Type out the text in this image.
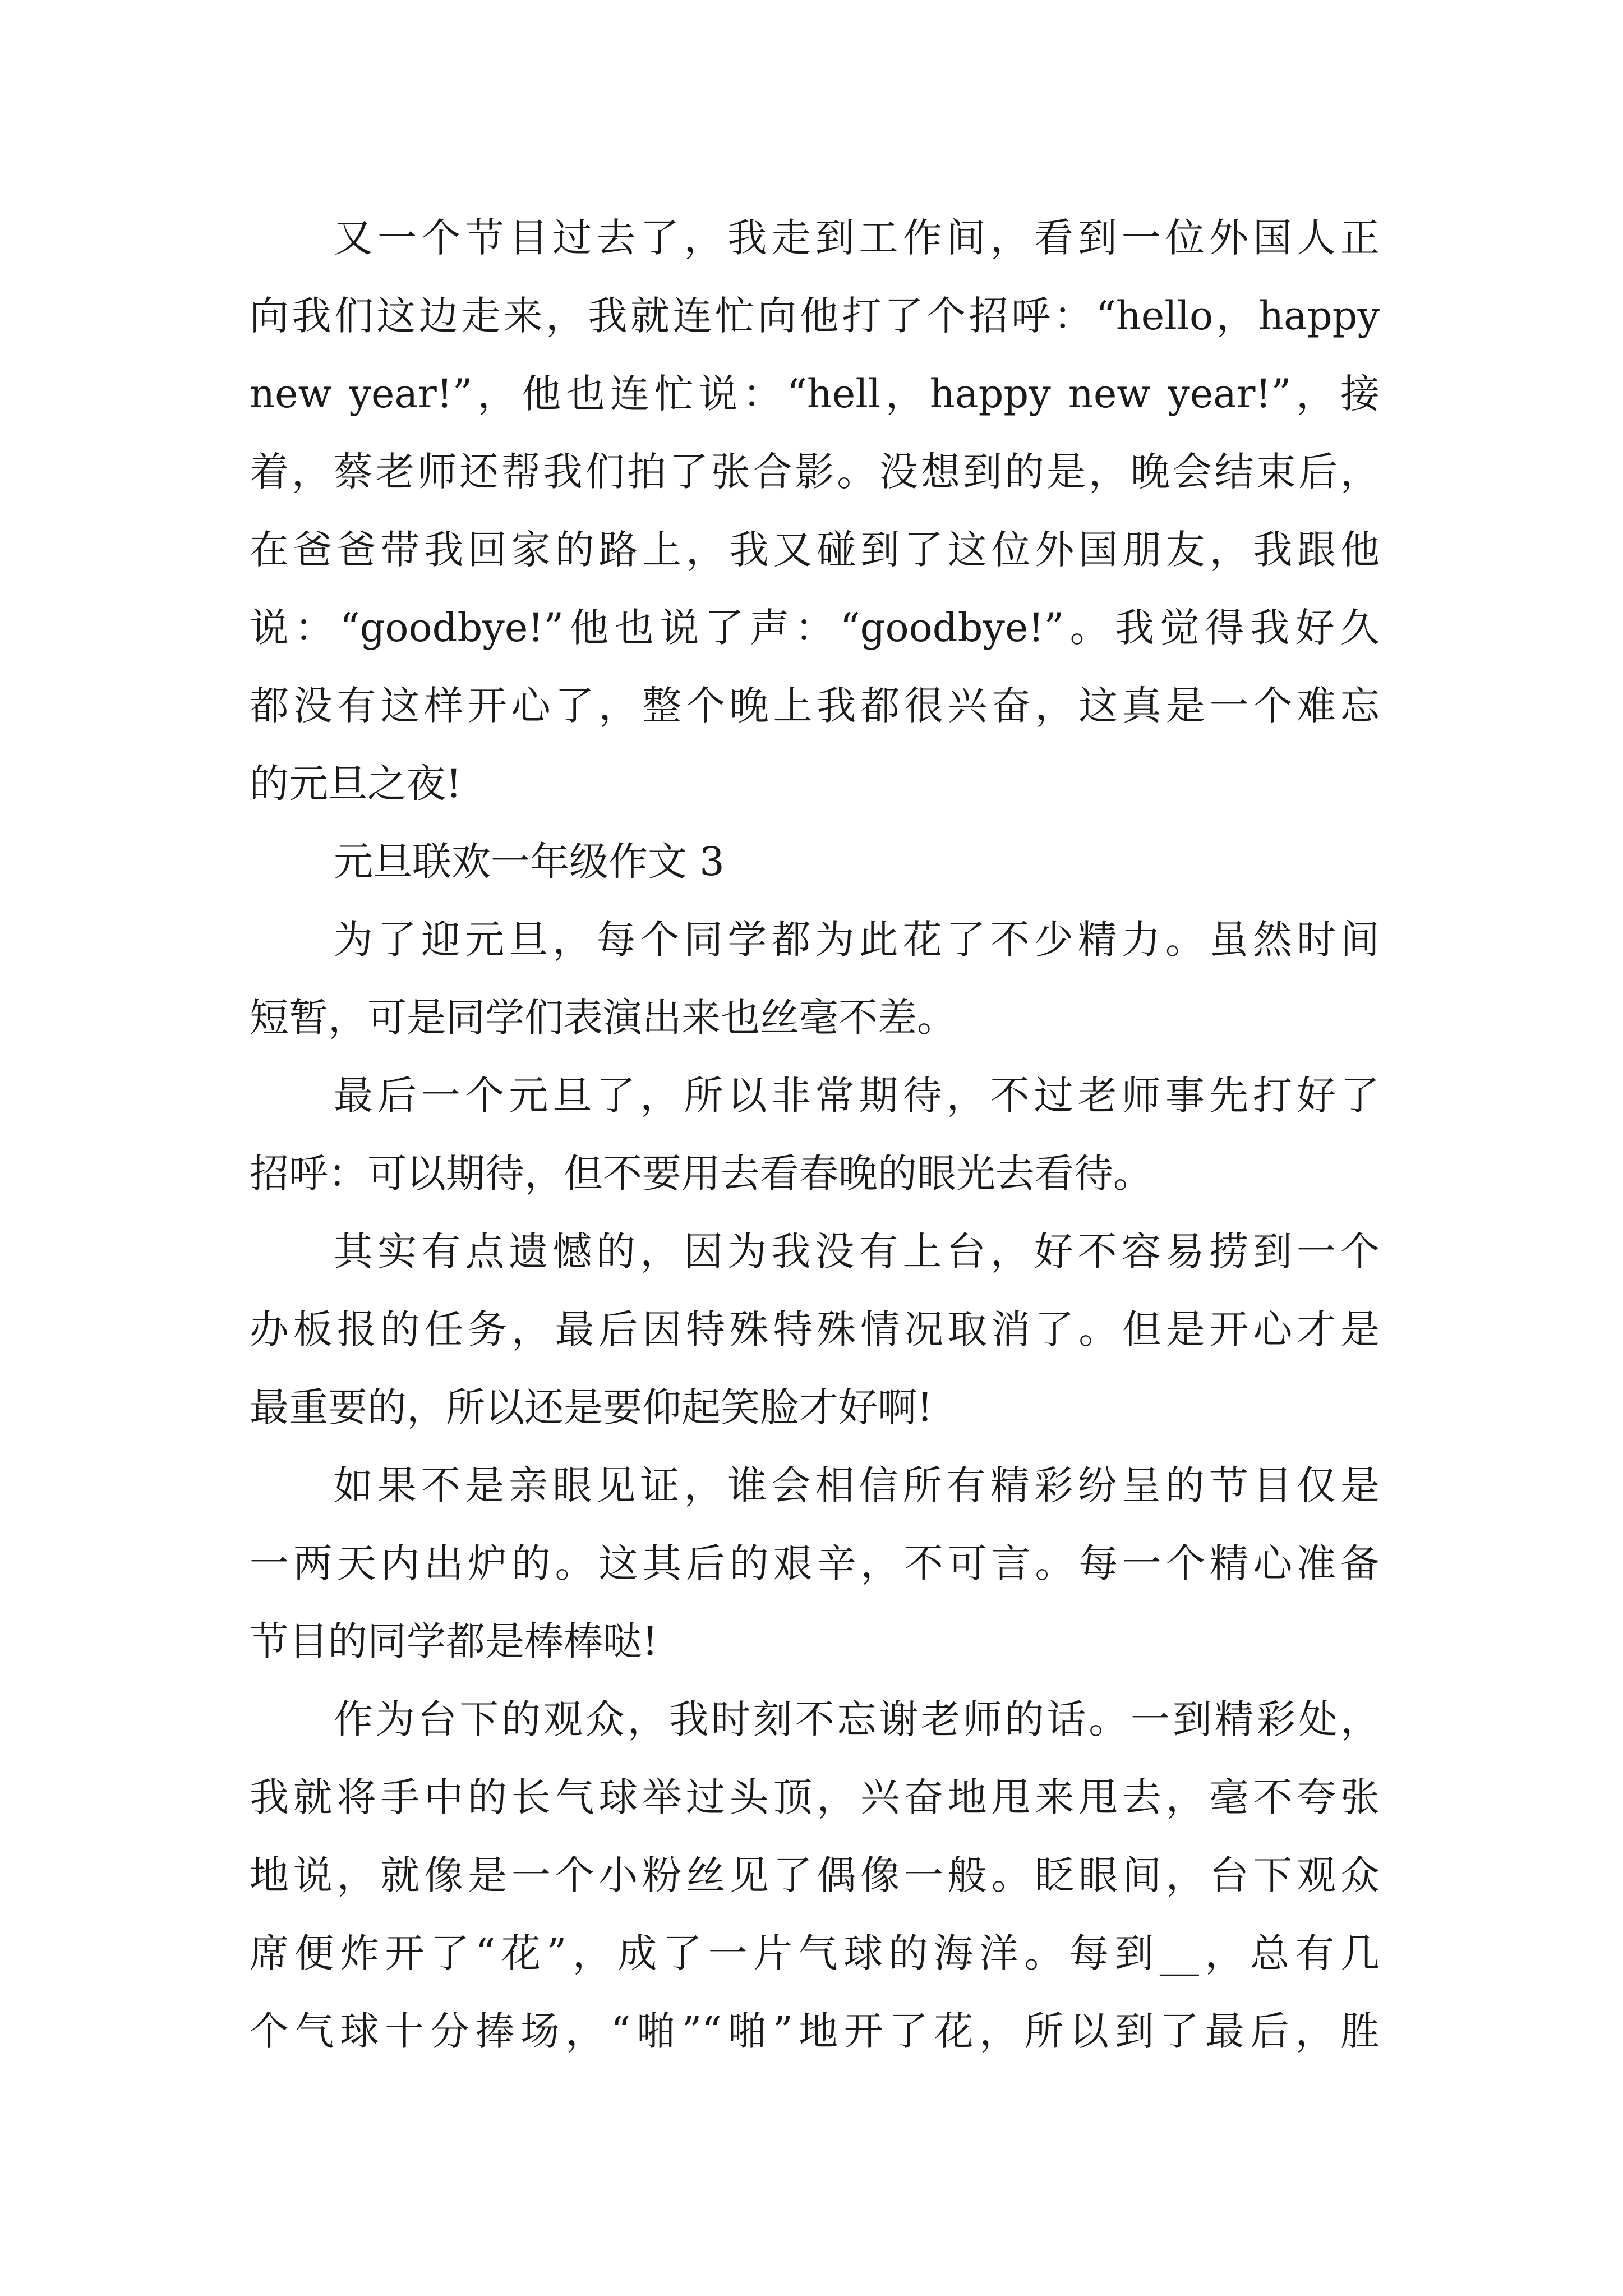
又一个节目过去了，我走到工作间，看到一位外国人正
向我们这边走来，我就连忙向他打了个招呼：“hello，happy
new year!”，他也连忙说：“hell，happy new year!”，接
着，蔡老师还帮我们拍了张合影。没想到的是，晚会结束后，
在爸爸带我回家的路上，我又碰到了这位外国朋友，我跟他
说：“goodbye!”他也说了声：“goodbye!”。我觉得我好久
都没有这样开心了，整个晚上我都很兴奋，这真是一个难忘
的元旦之夜!
元旦联欢一年级作文 3
为了迎元旦，每个同学都为此花了不少精力。虽然时间
短暂，可是同学们表演出来也丝毫不差。
最后一个元旦了，所以非常期待，不过老师事先打好了
招呼：可以期待，但不要用去看春晚的眼光去看待。
其实有点遗憾的，因为我没有上台，好不容易捞到一个
办板报的任务，最后因特殊特殊情况取消了。但是开心才是
最重要的，所以还是要仰起笑脸才好啊!
如果不是亲眼见证，谁会相信所有精彩纷呈的节目仅是
一两天内出炉的。这其后的艰辛，不可言。每一个精心准备
节目的同学都是棒棒哒!
作为台下的观众，我时刻不忘谢老师的话。一到精彩处，
我就将手中的长气球举过头顶，兴奋地甩来甩去，毫不夸张
地说，就像是一个小粉丝见了偶像一般。眨眼间，台下观众
席便炸开了“花”，成了一片气球的海洋。每到__，总有几
个气球十分捧场，“啪”“啪”地开了花，所以到了最后，胜
